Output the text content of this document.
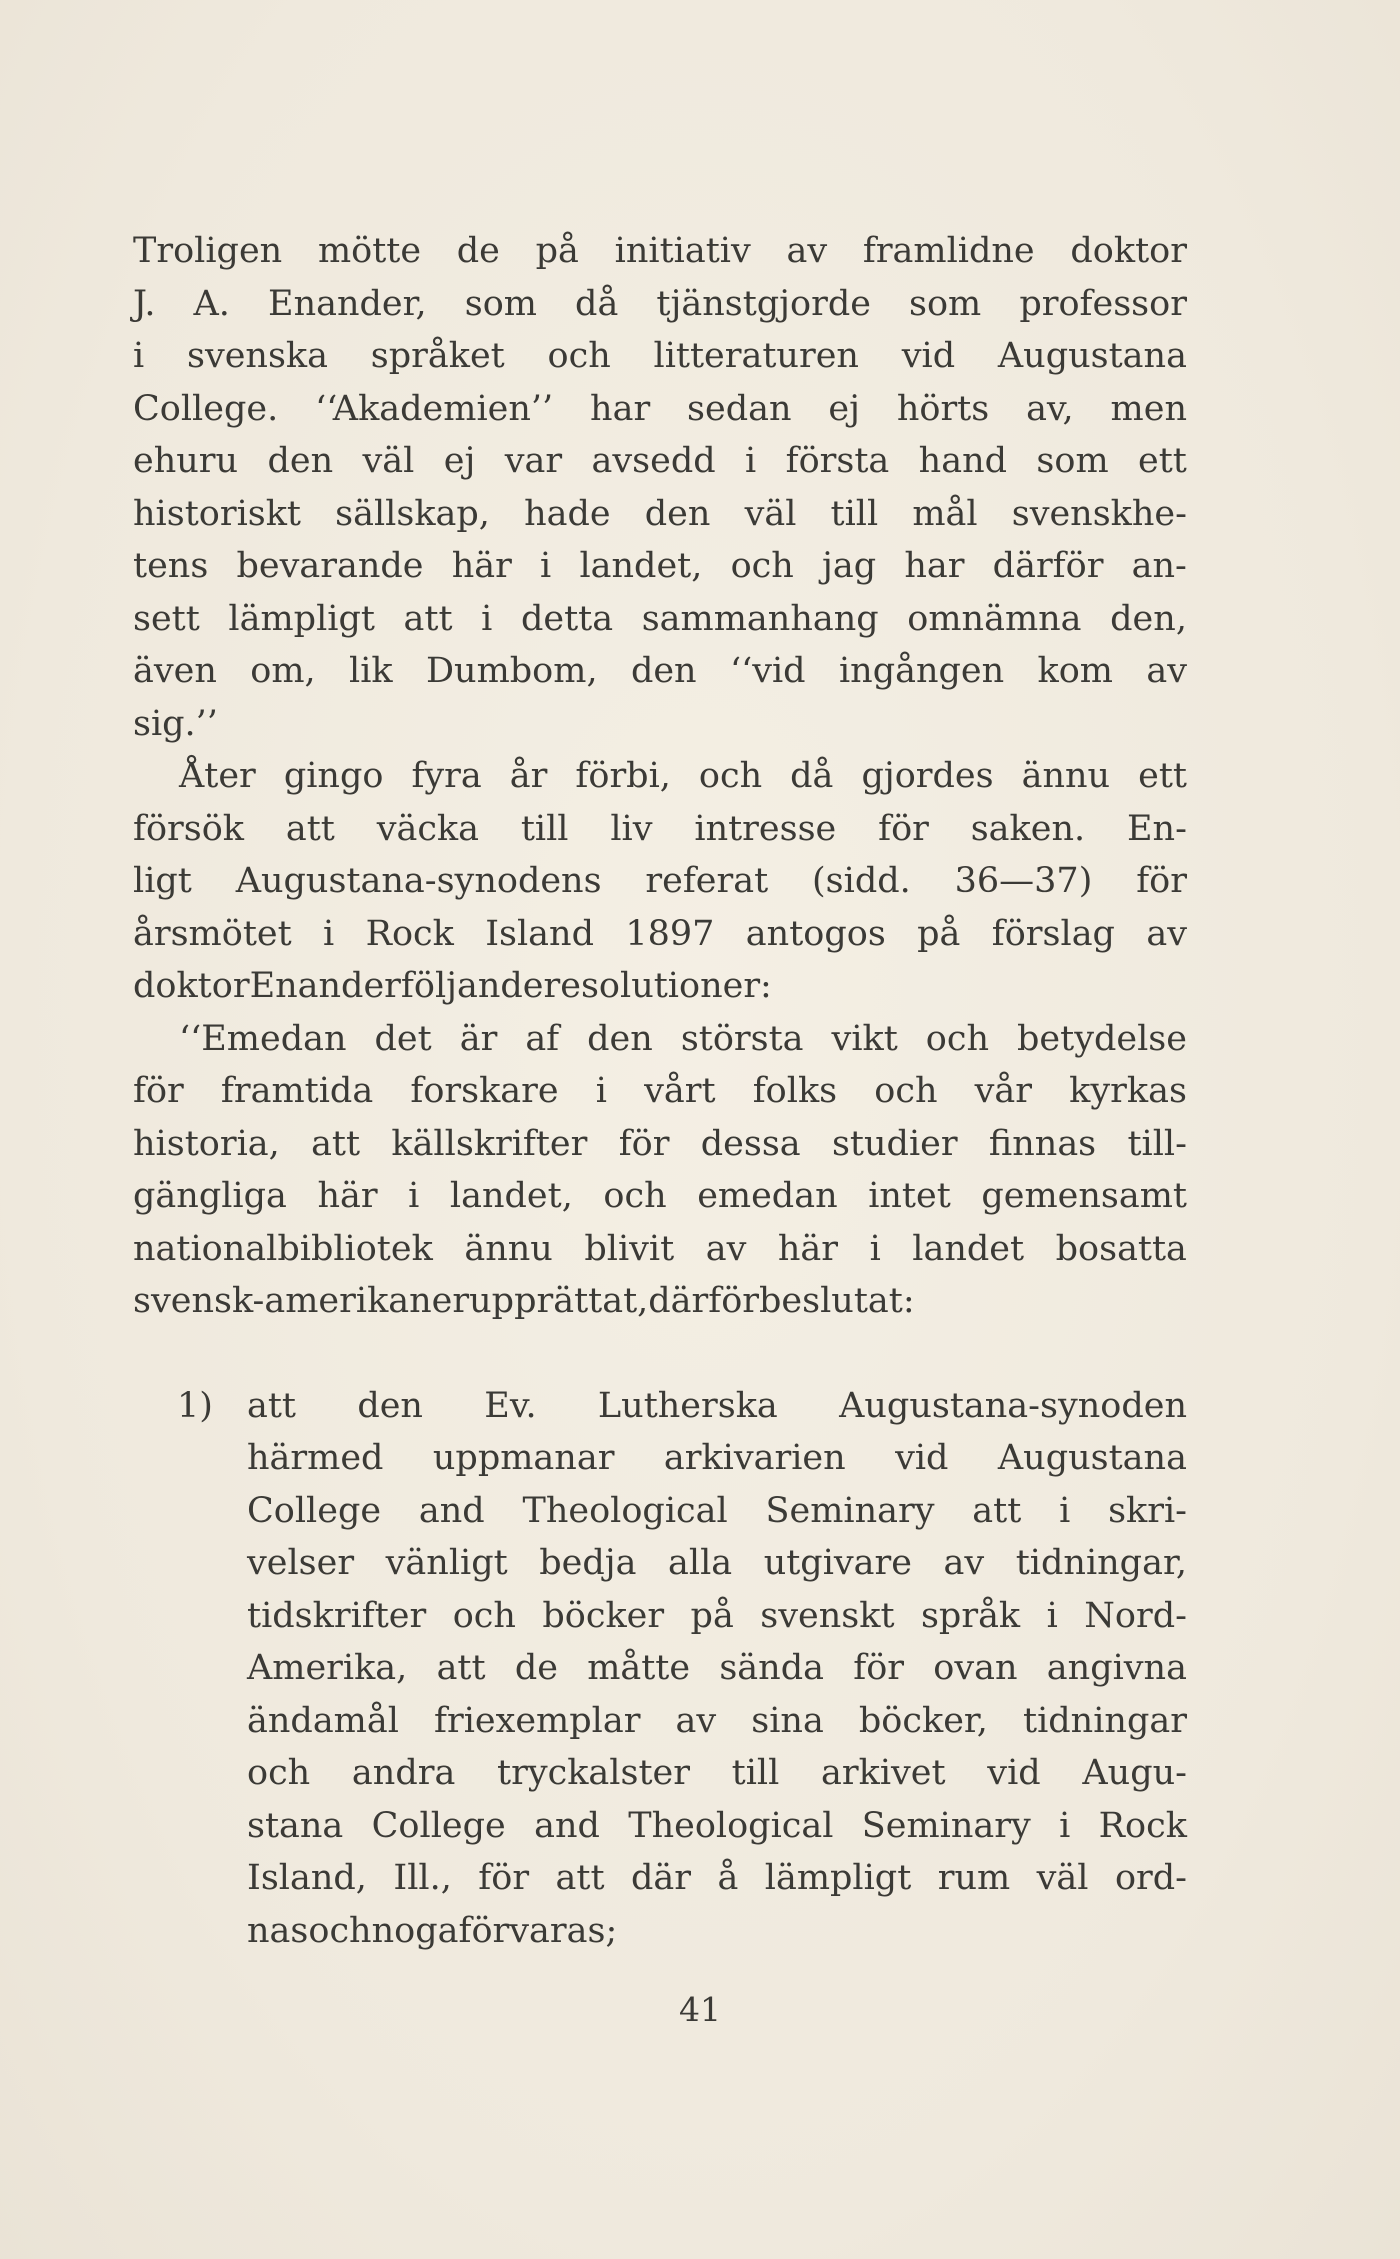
Troligen mötte de på initiativ av framlidne doktor
J. A. Enander, som då tjänstgjorde som professor
i svenska språket och litteraturen vid Augustana
College. ‘‘Akademien’’ har sedan ej hörts av, men
ehuru den väl ej var avsedd i första hand som ett
historiskt sällskap, hade den väl till mål svenskhe-
tens bevarande här i landet, och jag har därför an-
sett lämpligt att i detta sammanhang omnämna den,
även om, lik Dumbom, den ‘‘vid ingången kom av
sig.’’
Åter gingo fyra år förbi, och då gjordes ännu ett
försök att väcka till liv intresse för saken. En-
ligt Augustana-synodens referat (sidd. 36—37) för
årsmötet i Rock Island 1897 antogos på förslag av
doktor Enander följande resolutioner:
‘‘Emedan det är af den största vikt och betydelse
för framtida forskare i vårt folks och vår kyrkas
historia, att källskrifter för dessa studier finnas till-
gängliga här i landet, och emedan intet gemensamt
nationalbibliotek ännu blivit av här i landet bosatta
svensk-amerikaner upprättat, därför beslutat:
1) att den Ev. Lutherska Augustana-synoden
härmed uppmanar arkivarien vid Augustana
College and Theological Seminary att i skri-
velser vänligt bedja alla utgivare av tidningar,
tidskrifter och böcker på svenskt språk i Nord-
Amerika, att de måtte sända för ovan angivna
ändamål friexemplar av sina böcker, tidningar
och andra tryckalster till arkivet vid Augu-
stana College and Theological Seminary i Rock
Island, Ill., för att där å lämpligt rum väl ord-
nas och noga förvaras;
41
